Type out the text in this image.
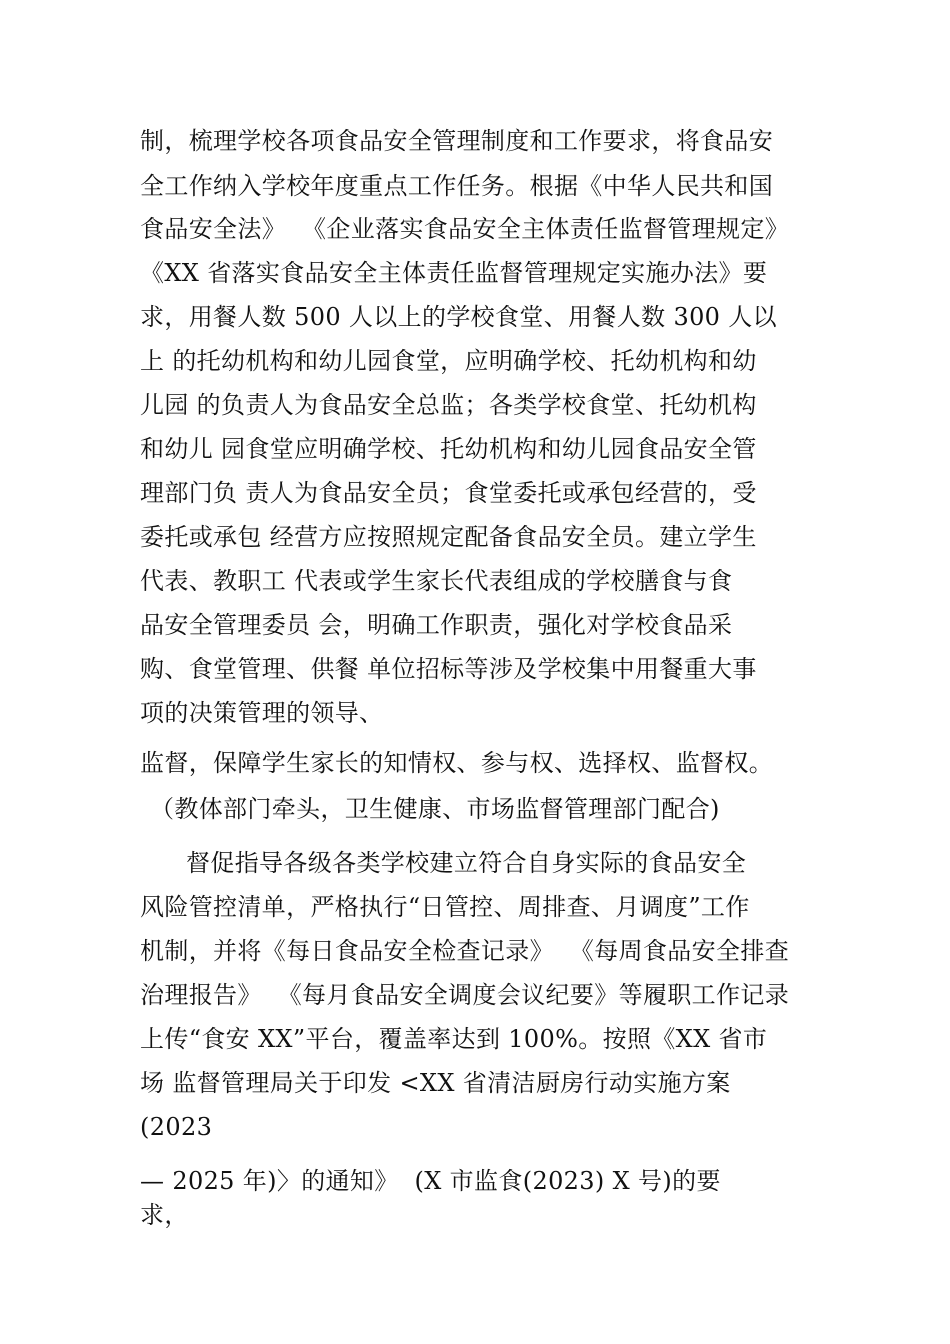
制，梳理学校各项食品安全管理制度和工作要求，将食品安
全工作纳入学校年度重点工作任务。根据《中华人民共和国
食品安全法》  《企业落实食品安全主体责任监督管理规定》
《XX 省落实食品安全主体责任监督管理规定实施办法》要
求，用餐人数 500 人以上的学校食堂、用餐人数 300 人以
上 的托幼机构和幼儿园食堂，应明确学校、托幼机构和幼
儿园 的负责人为食品安全总监；各类学校食堂、托幼机构
和幼儿 园食堂应明确学校、托幼机构和幼儿园食品安全管
理部门负 责人为食品安全员；食堂委托或承包经营的，受
委托或承包 经营方应按照规定配备食品安全员。建立学生
代表、教职工 代表或学生家长代表组成的学校膳食与食
品安全管理委员 会，明确工作职责，强化对学校食品采
购、食堂管理、供餐 单位招标等涉及学校集中用餐重大事
项的决策管理的领导、
监督，保障学生家长的知情权、参与权、选择权、监督权。
（教体部门牵头，卫生健康、市场监督管理部门配合)
督促指导各级各类学校建立符合自身实际的食品安全
风险管控清单，严格执行“日管控、周排查、月调度”工作
机制，并将《每日食品安全检查记录》  《每周食品安全排查
治理报告》  《每月食品安全调度会议纪要》等履职工作记录
上传“食安 XX”平台，覆盖率达到 100%。按照《XX 省市
场 监督管理局关于印发 <XX 省清洁厨房行动实施方案
(2023
— 2025 年)〉的通知》  (X 市监食(2023) X 号)的要
求，
